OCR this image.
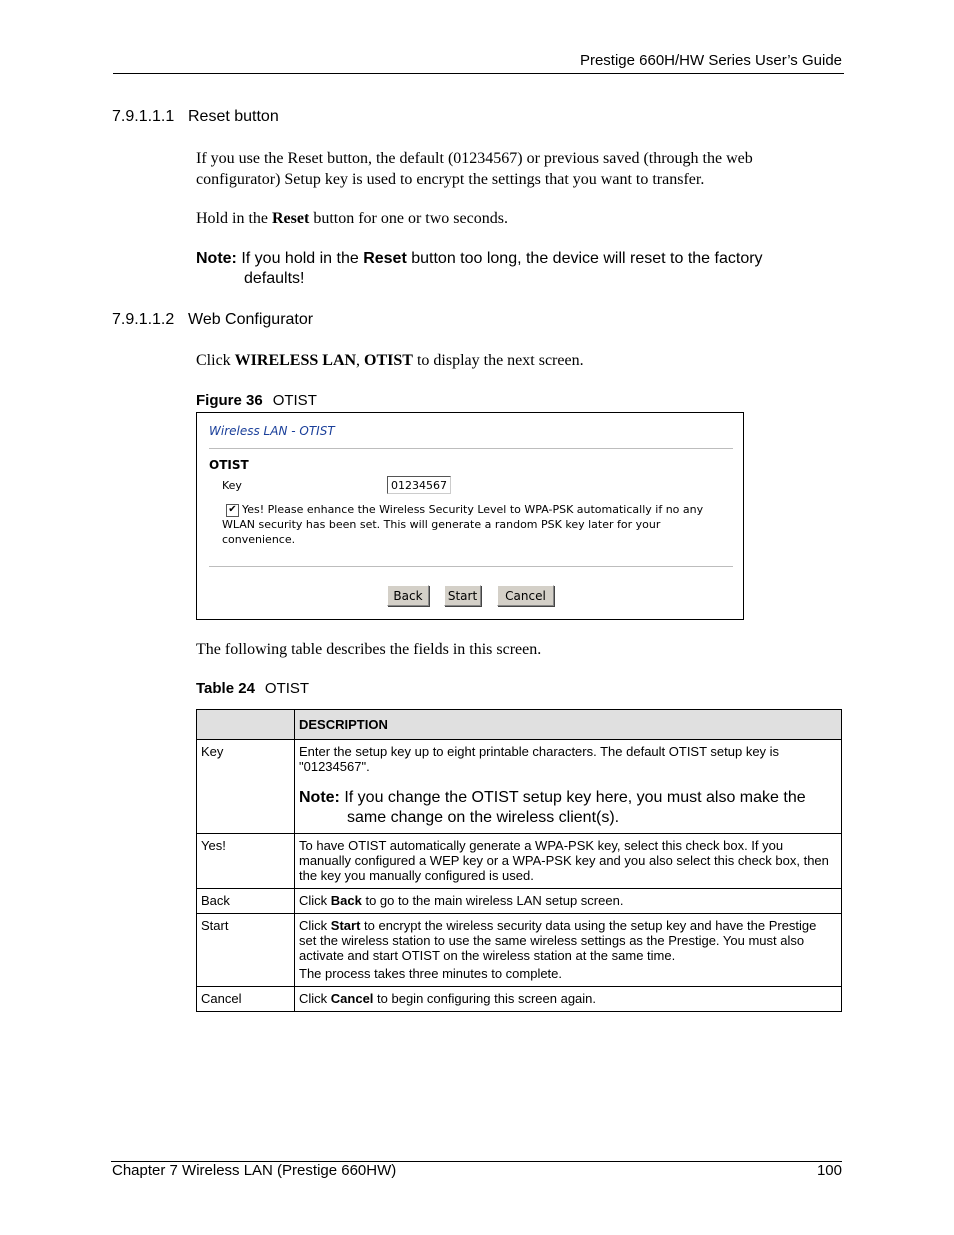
Prestige 660H/HW Series User’s Guide
7.9.1.1.1 Reset button
If you use the Reset button, the default (01234567) or previous saved (through the web configurator) Setup key is used to encrypt the settings that you want to transfer.
Hold in the Reset button for one or two seconds.
Note: If you hold in the Reset button too long, the device will reset to the factory
defaults!
7.9.1.1.2 Web Configurator
Click WIRELESS LAN, OTIST to display the next screen.
Figure 36 OTIST
Wireless LAN - OTIST
OTIST
Key	01234567
✔ Yes! Please enhance the Wireless Security Level to WPA-PSK automatically if no any WLAN security has been set. This will generate a random PSK key later for your convenience.
Back	Start	Cancel
The following table describes the fields in this screen.
Table 24 OTIST
	DESCRIPTION
Key	Enter the setup key up to eight printable characters. The default OTIST setup key is "01234567".
Note: If you change the OTIST setup key here, you must also make the
same change on the wireless client(s).

Yes!	To have OTIST automatically generate a WPA-PSK key, select this check box. If you manually configured a WEP key or a WPA-PSK key and you also select this check box, then the key you manually configured is used.
Back	Click Back to go to the main wireless LAN setup screen.
Start	Click Start to encrypt the wireless security data using the setup key and have the Prestige set the wireless station to use the same wireless settings as the Prestige. You must also activate and start OTIST on the wireless station at the same time.
The process takes three minutes to complete.

Cancel	Click Cancel to begin configuring this screen again.
Chapter 7 Wireless LAN (Prestige 660HW)	100
